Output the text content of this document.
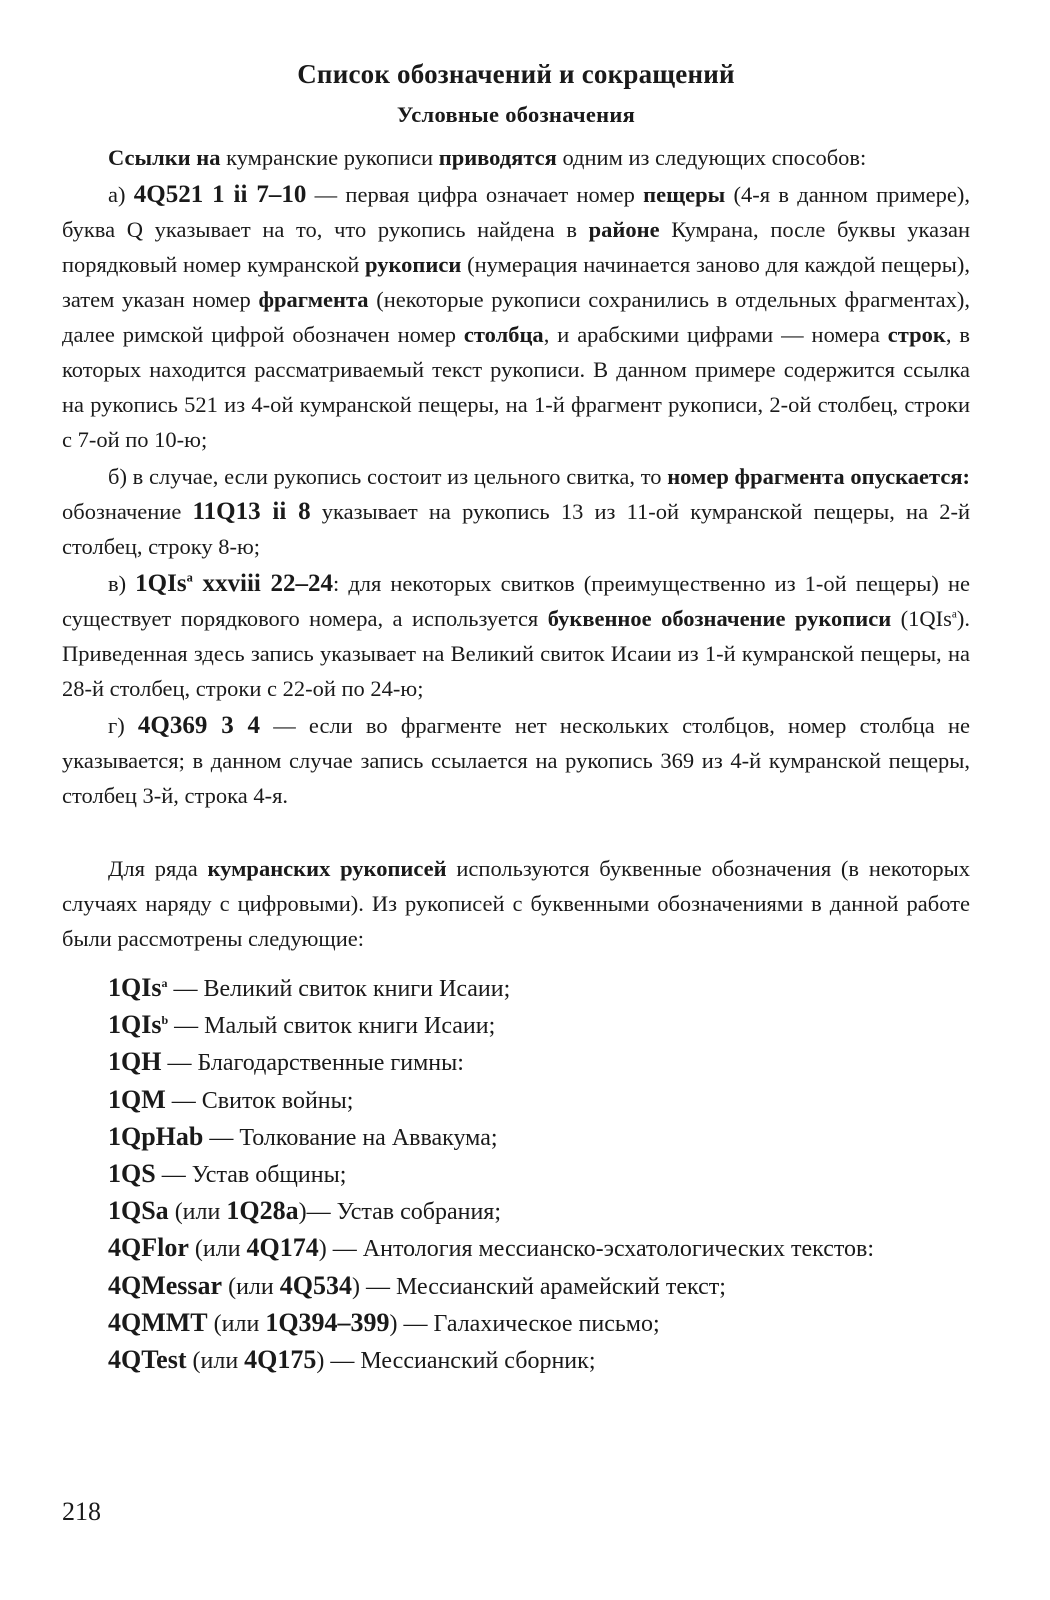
Список обозначений и сокращений
Условные обозначения

Ссылки на кумранские рукописи приводятся одним из следующих способов:

а) 4Q521 1 ii 7–10 — первая цифра означает номер пещеры (4-я в данном примере), буква Q указывает на то, что рукопись найдена в районе Кумрана, после буквы указан порядковый номер кумранской рукописи (нумерация начинается заново для каждой пещеры), затем указан номер фрагмента (некоторые рукописи сохранились в отдельных фрагментах), далее римской цифрой обозначен номер столбца, и арабскими цифрами — номера строк, в которых находится рассматриваемый текст рукописи. В данном примере содержится ссылка на рукопись 521 из 4-ой кумранской пещеры, на 1-й фрагмент рукописи, 2-ой столбец, строки с 7-ой по 10-ю;

б) в случае, если рукопись состоит из цельного свитка, то номер фрагмента опускается: обозначение 11Q13 ii 8 указывает на рукопись 13 из 11-ой кумранской пещеры, на 2-й столбец, строку 8-ю;

в) 1QIs$^a$ xxviii 22–24: для некоторых свитков (преимущественно из 1-ой пещеры) не существует порядкового номера, а используется буквенное обозначение рукописи (1QIs$^a$). Приведенная здесь запись указывает на Великий свиток Исаии из 1-й кумранской пещеры, на 28-й столбец, строки с 22-ой по 24-ю;

г) 4Q369 3 4 — если во фрагменте нет нескольких столбцов, номер столбца не указывается; в данном случае запись ссылается на рукопись 369 из 4-й кумранской пещеры, столбец 3-й, строка 4-я.

Для ряда кумранских рукописей используются буквенные обозначения (в некоторых случаях наряду с цифровыми). Из рукописей с буквенными обозначениями в данной работе были рассмотрены следующие:

1QIs$^a$ — Великий свиток книги Исаии;
1QIs$^b$ — Малый свиток книги Исаии;
1QH — Благодарственные гимны:
1QM — Свиток войны;
1QpHab — Толкование на Аввакума;
1QS — Устав общины;
1QSa (или 1Q28a)— Устав собрания;
4QFlor (или 4Q174) — Антология мессианско-эсхатологических текстов:
4QMessar (или 4Q534) — Мессианский арамейский текст;
4QMMT (или 1Q394–399) — Галахическое письмо;
4QTest (или 4Q175) — Мессианский сборник;
218
